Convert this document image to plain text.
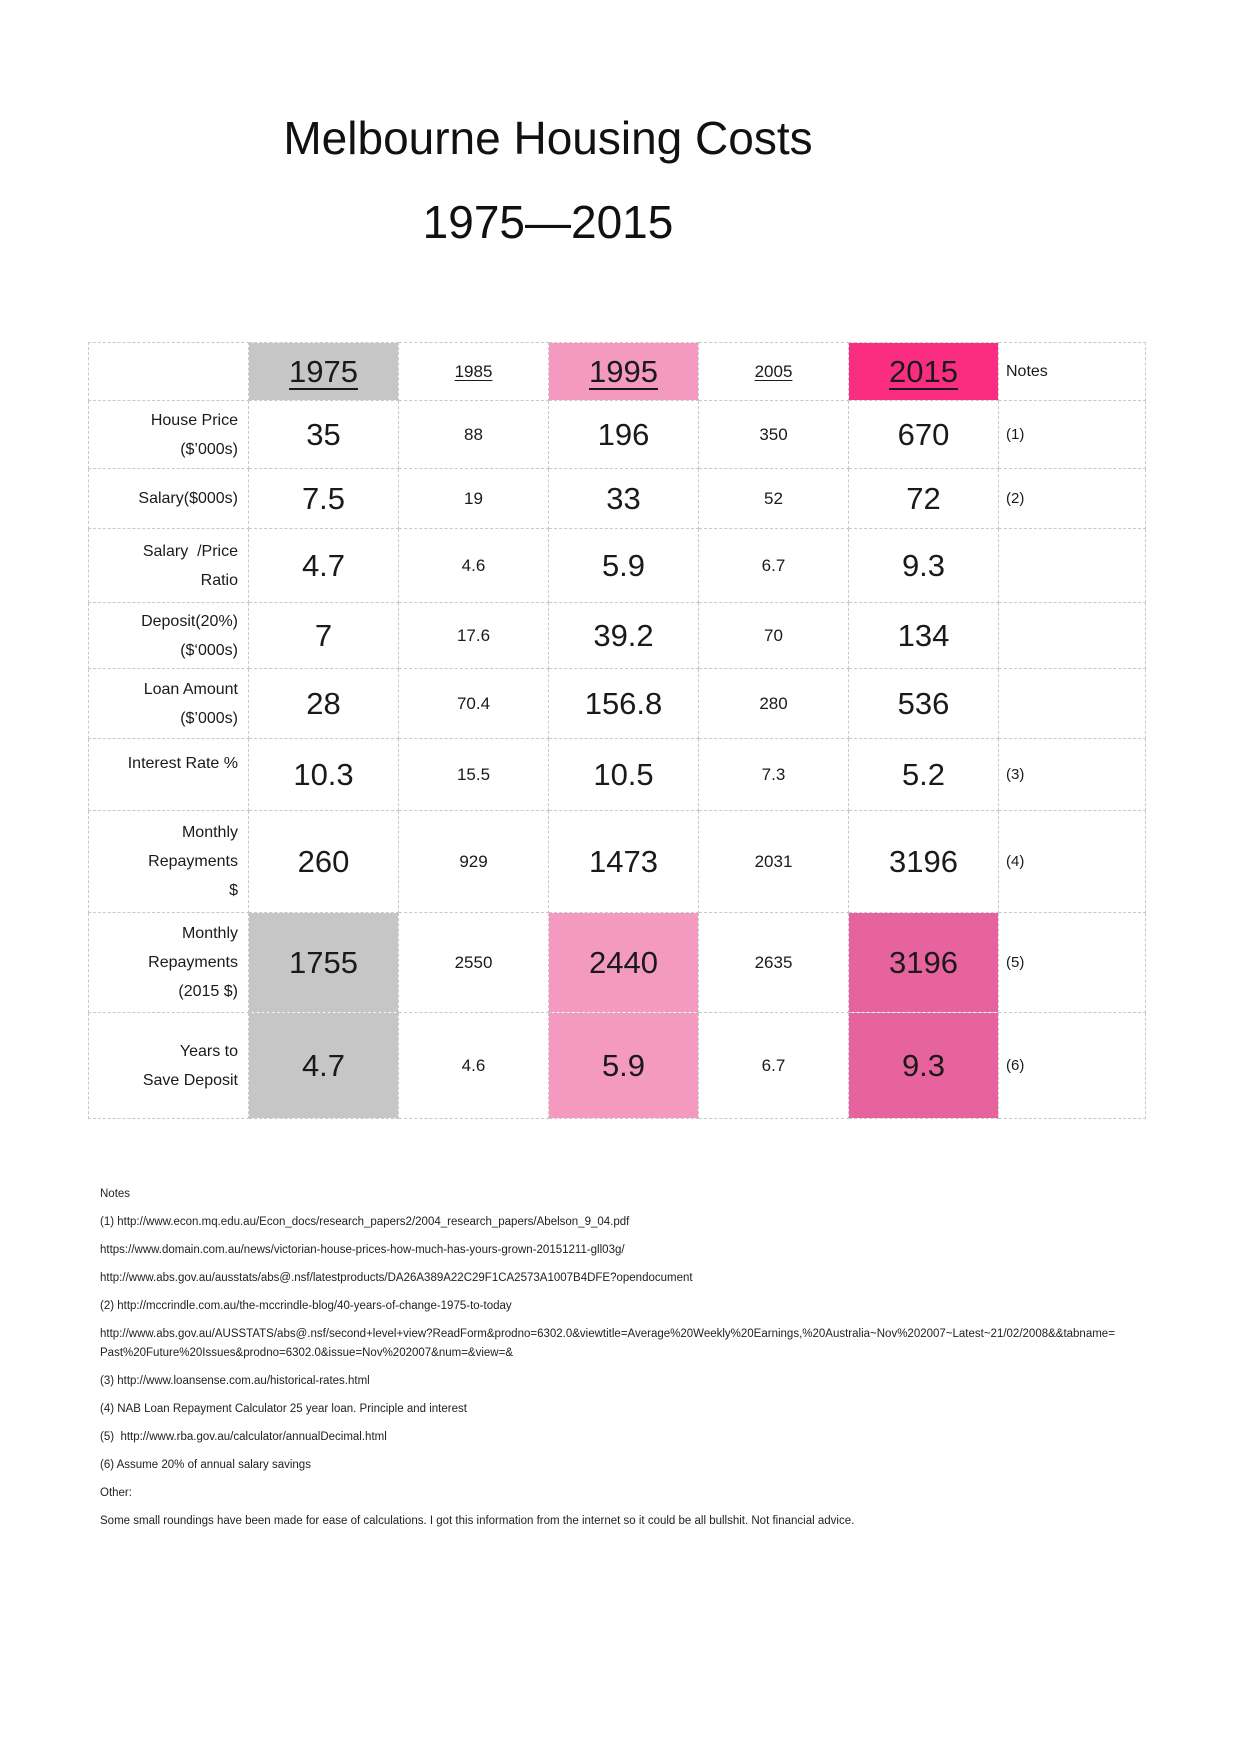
Melbourne Housing Costs
1975—2015
	1975	1985	1995	2005	2015	Notes

House Price
($’000s)	35	88	196	350	670	(1)

Salary($000s)	7.5	19	33	52	72	(2)

Salary  /Price
Ratio	4.7	4.6	5.9	6.7	9.3	

Deposit(20%)
($‘000s)	7	17.6	39.2	70	134	

Loan Amount
($’000s)	28	70.4	156.8	280	536	

Interest Rate %	10.3	15.5	10.5	7.3	5.2	(3)

Monthly
Repayments
$	260	929	1473	2031	3196	(4)

Monthly
Repayments
(2015 $)	1755	2550	2440	2635	3196	(5)

Years to
Save Deposit	4.7	4.6	5.9	6.7	9.3	(6)

Notes

(1) http://www.econ.mq.edu.au/Econ_docs/research_papers2/2004_research_papers/Abelson_9_04.pdf

https://www.domain.com.au/news/victorian-house-prices-how-much-has-yours-grown-20151211-gll03g/

http://www.abs.gov.au/ausstats/abs@.nsf/latestproducts/DA26A389A22C29F1CA2573A1007B4DFE?opendocument

(2) http://mccrindle.com.au/the-mccrindle-blog/40-years-of-change-1975-to-today

http://www.abs.gov.au/AUSSTATS/abs@.nsf/second+level+view?ReadForm&prodno=6302.0&viewtitle=Average%20Weekly%20Earnings,%20Australia~Nov%202007~Latest~21/02/2008&&tabname=Past%20Future%20Issues&prodno=6302.0&issue=Nov%202007&num=&view=&

(3) http://www.loansense.com.au/historical-rates.html

(4) NAB Loan Repayment Calculator 25 year loan. Principle and interest

(5)  http://www.rba.gov.au/calculator/annualDecimal.html

(6) Assume 20% of annual salary savings

Other:

Some small roundings have been made for ease of calculations. I got this information from the internet so it could be all bullshit. Not financial advice.
